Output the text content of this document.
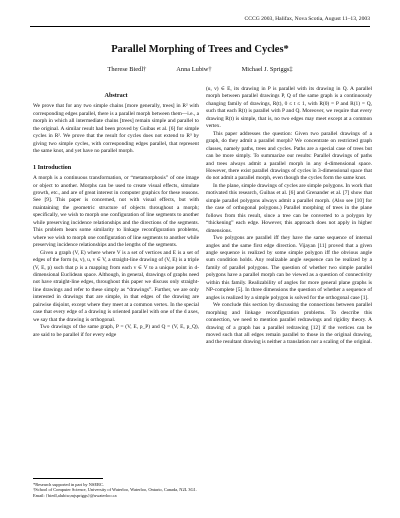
CCCG 2003, Halifax, Nova Scotia, August 11–13, 2003
Parallel Morphing of Trees and Cycles*
Therese Biedl†	Anna Lubiw†	Michael J. Spriggs‡
Abstract

We prove that for any two simple chains [more generally, trees] in R² with corresponding edges parallel, there is a parallel morph between them—i.e., a morph in which all intermediate chains [trees] remain simple and parallel to the original. A similar result had been proved by Guibas et al. [6] for simple cycles in R². We prove that the result for cycles does not extend to R³ by giving two simple cycles, with corresponding edges parallel, that represent the same knot, and yet have no parallel morph.

1 Introduction

A morph is a continuous transformation, or “metamorphosis” of one image or object to another. Morphs can be used to create visual effects, simulate growth, etc., and are of great interest in computer graphics for these reasons. See [9]. This paper is concerned, not with visual effects, but with maintaining the geometric structure of objects throughout a morph; specifically, we wish to morph one configuration of line segments to another while preserving incidence relationships and the directions of the segments. This problem bears some similarity to linkage reconfiguration problems, where we wish to morph one configuration of line segments to another while preserving incidence relationships and the lengths of the segments.

Given a graph (V, E) where where V is a set of vertices and E is a set of edges of the form (u, v), u, v ∈ V, a straight-line drawing of (V, E) is a triple (V, E, p) such that p is a mapping from each v ∈ V to a unique point in d-dimensional Euclidean space. Although, in general, drawings of graphs need not have straight-line edges, throughout this paper we discuss only straight-line drawings and refer to these simply as “drawings”. Further, we are only interested in drawings that are simple, in that edges of the drawing are pairwise disjoint, except where they meet at a common vertex. In the special case that every edge of a drawing is oriented parallel with one of the d axes, we say that the drawing is orthogonal.

Two drawings of the same graph, P = (V, E, p_P) and Q = (V, E, p_Q), are said to be parallel if for every edge

(u, v) ∈ E, its drawing in P is parallel with its drawing in Q. A parallel morph between parallel drawings P, Q of the same graph is a continuously changing family of drawings, R(t), 0 ≤ t ≤ 1, with R(0) = P and R(1) = Q, such that each R(t) is parallel with P and Q. Moreover, we require that every drawing R(t) is simple, that is, no two edges may meet except at a common vertex.

This paper addresses the question: Given two parallel drawings of a graph, do they admit a parallel morph? We concentrate on restricted graph classes, namely paths, trees and cycles. Paths are a special case of trees but can be more simply. To summarize our results: Parallel drawings of paths and trees always admit a parallel morph in any d-dimensional space. However, there exist parallel drawings of cycles in 3-dimensional space that do not admit a parallel morph, even though the cycles form the same knot.

In the plane, simple drawings of cycles are simple polygons. In work that motivated this research, Guibas et al. [6] and Grenander et al. [7] show that simple parallel polygons always admit a parallel morph. (Also see [10] for the case of orthogonal polygons.) Parallel morphing of trees in the plane follows from this result, since a tree can be converted to a polygon by “thickening” each edge. However, this approach does not apply in higher dimensions.

Two polygons are parallel iff they have the same sequence of internal angles and the same first edge direction. Vijayan [11] proved that a given angle sequence is realized by some simple polygon iff the obvious angle sum condition holds. Any realizable angle sequence can be realized by a family of parallel polygons. The question of whether two simple parallel polygons have a parallel morph can be viewed as a question of connectivity within this family. Realizability of angles for more general plane graphs is NP-complete [5]. In three dimensions the question of whether a sequence of angles is realized by a simple polygon is solved for the orthogonal case [1].

We conclude this section by discussing the connections between parallel morphing and linkage reconfiguration problems. To describe this connection, we need to mention parallel redrawings and rigidity theory. A drawing of a graph has a parallel redrawing [12] if the vertices can be moved such that all edges remain parallel to those in the original drawing, and the resultant drawing is neither a translation nor a scaling of the original.

*Research supported in part by NSERC.

†School of Computer Science, University of Waterloo, Waterloo, Ontario, Canada, N2L 3G1. Email: {biedl,alubiw,mjspriggs}@uwaterloo.ca
